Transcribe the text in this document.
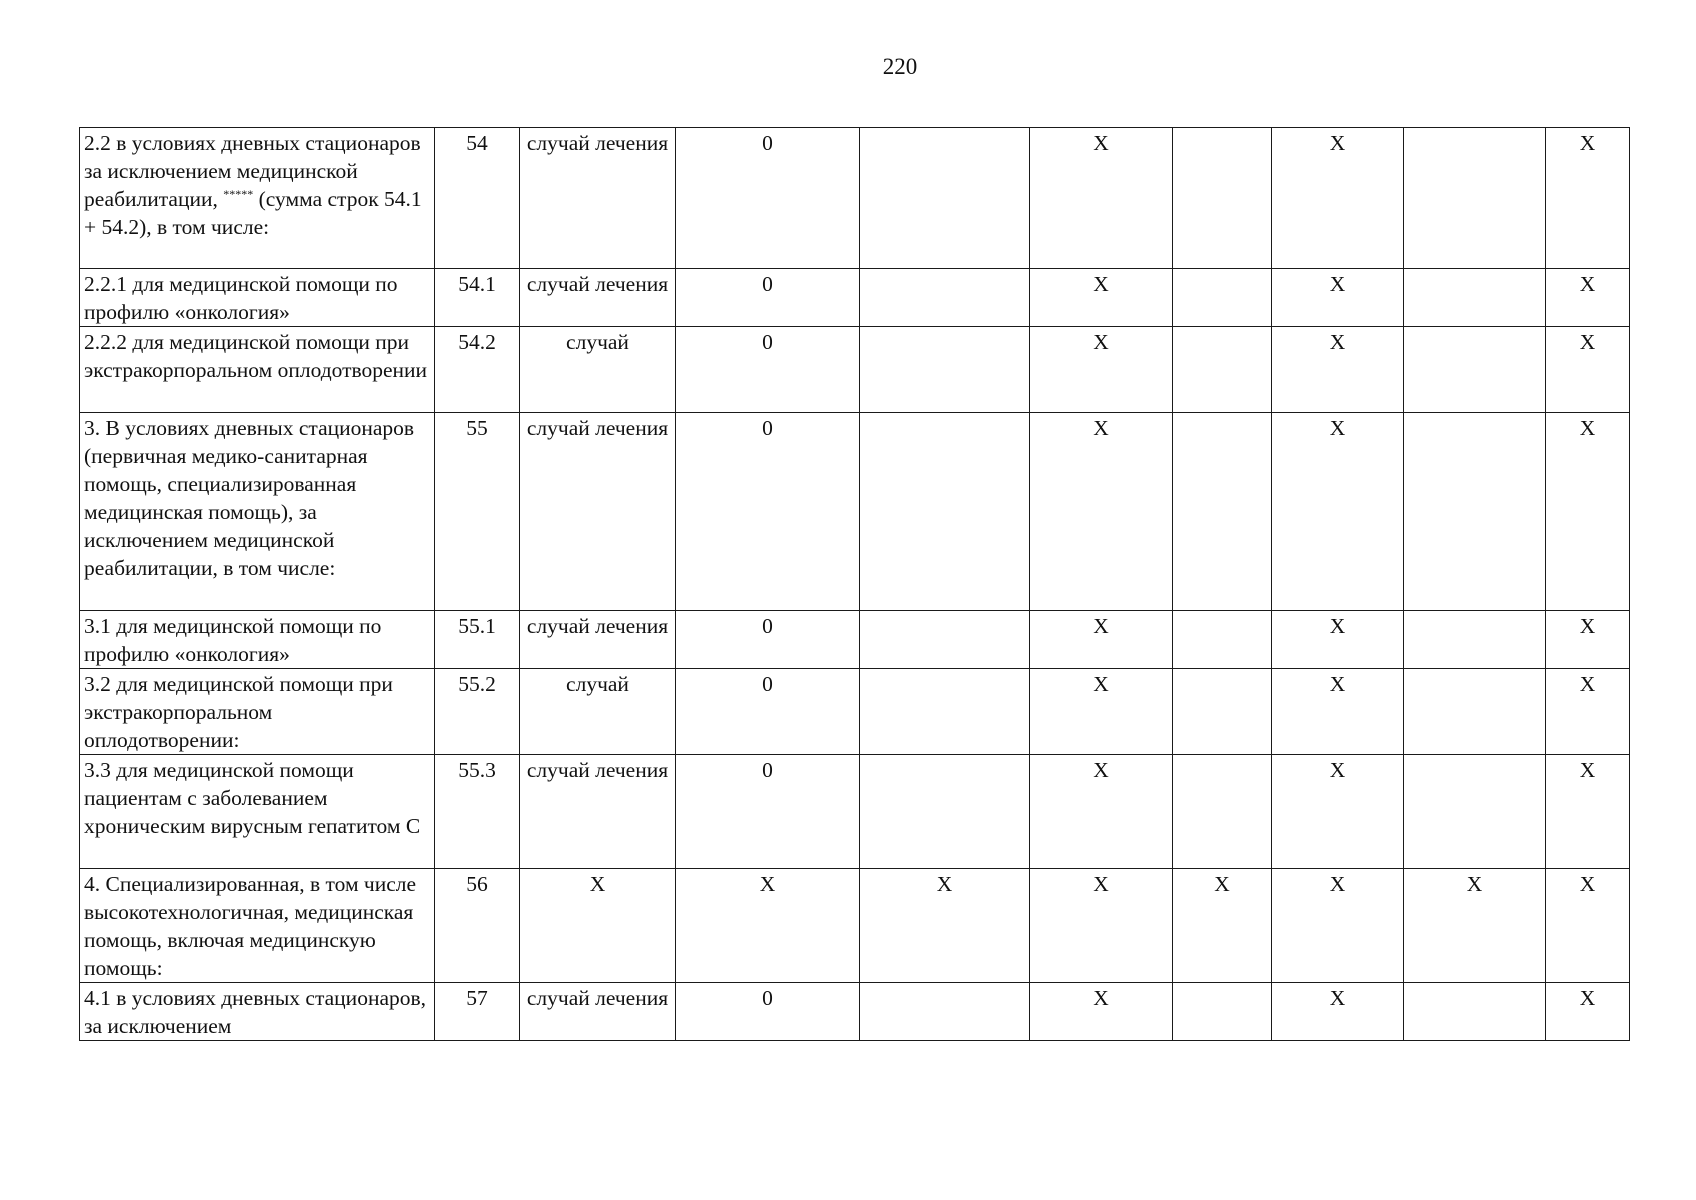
220
2.2 в условиях дневных стационаров за исключением медицинской реабилитации, ***** (сумма строк 54.1 + 54.2), в том числе:	54	случай лечения	0		X		X		X
2.2.1 для медицинской помощи по профилю «онкология»	54.1	случай лечения	0		X		X		X
2.2.2 для медицинской помощи при экстракорпоральном оплодотворении	54.2	случай	0		X		X		X
3. В условиях дневных стационаров (первичная медико-санитарная помощь, специализированная медицинская помощь), за исключением медицинской реабилитации, в том числе:	55	случай лечения	0		X		X		X
3.1 для медицинской помощи по профилю «онкология»	55.1	случай лечения	0		X		X		X
3.2 для медицинской помощи при экстракорпоральном оплодотворении:	55.2	случай	0		X		X		X
3.3 для медицинской помощи пациентам с заболеванием хроническим вирусным гепатитом С	55.3	случай лечения	0		X		X		X
4. Специализированная, в том числе высокотехнологичная, медицинская помощь, включая медицинскую помощь:	56	X	X	X	X	X	X	X	X
4.1 в условиях дневных стационаров, за исключением	57	случай лечения	0		X		X		X
